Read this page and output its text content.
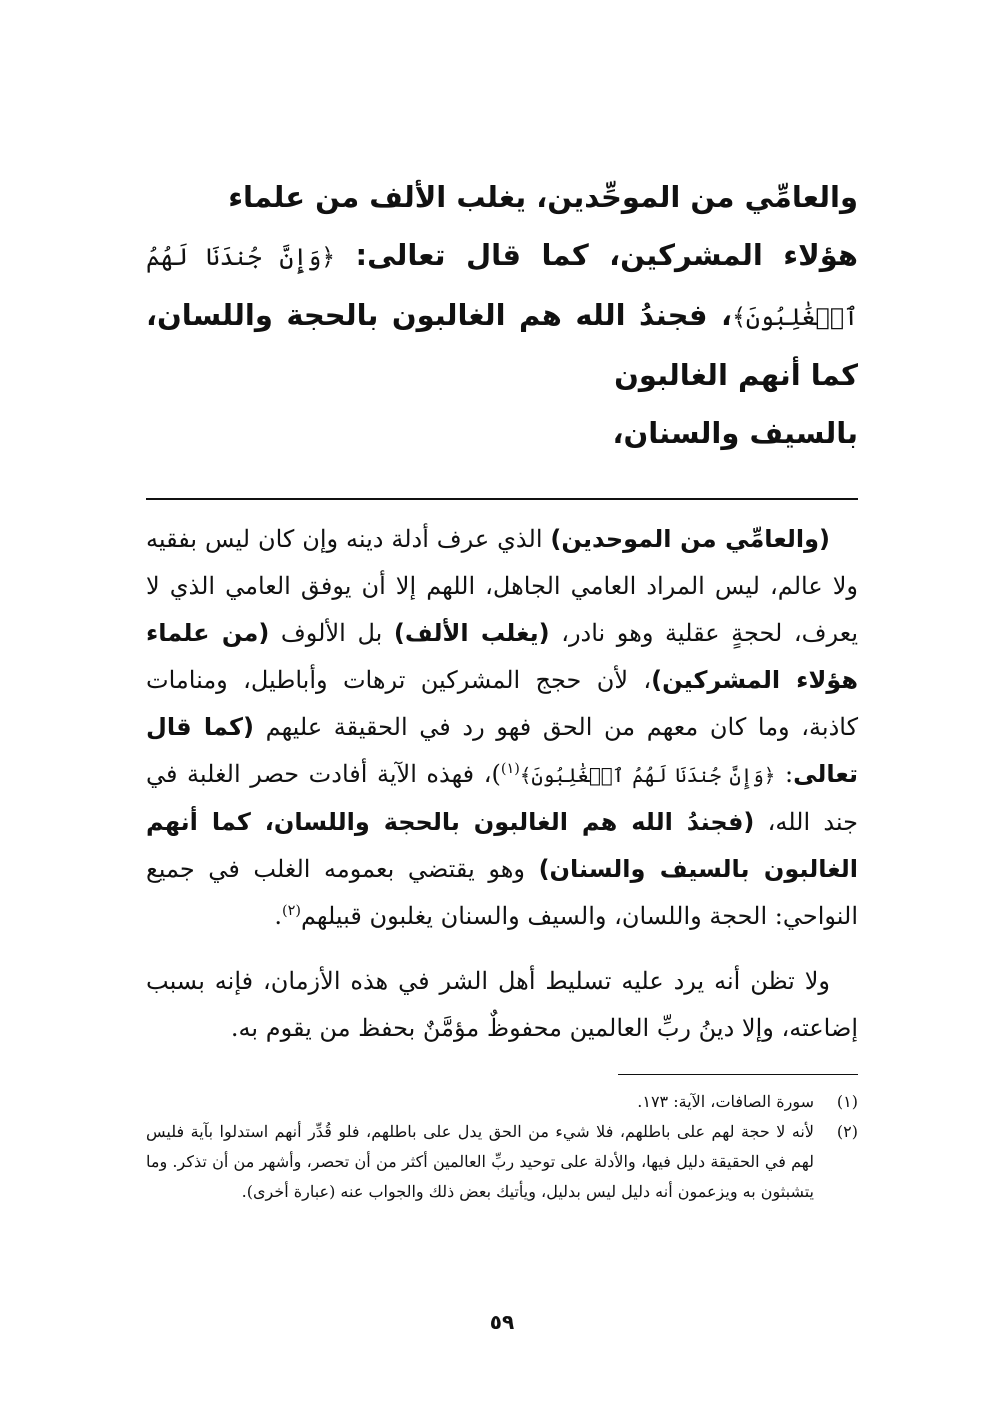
والعامِّي من الموحِّدين، يغلب الألف من علماء

هؤلاء المشركين، كما قال تعالى: ﴿وَإِنَّ جُندَنَا لَهُمُ ٱلۡغَٰلِبُونَ﴾، فجندُ الله هم الغالبون بالحجة واللسان، كما أنهم الغالبون

بالسيف والسنان،

(والعامِّي من الموحدين) الذي عرف أدلة دينه وإن كان ليس بفقيه ولا عالم، ليس المراد العامي الجاهل، اللهم إلا أن يوفق العامي الذي لا يعرف، لحجةٍ عقلية وهو نادر، (يغلب الألف) بل الألوف (من علماء هؤلاء المشركين)، لأن حجج المشركين ترهات وأباطيل، ومنامات كاذبة، وما كان معهم من الحق فهو رد في الحقيقة عليهم (كما قال تعالى: ﴿وَإِنَّ جُندَنَا لَهُمُ ٱلۡغَٰلِبُونَ﴾$^{(١)}$)، فهذه الآية أفادت حصر الغلبة في جند الله، (فجندُ الله هم الغالبون بالحجة واللسان، كما أنهم الغالبون بالسيف والسنان) وهو يقتضي بعمومه الغلب في جميع النواحي: الحجة واللسان، والسيف والسنان يغلبون قبيلهم$^{(٢)}$.

ولا تظن أنه يرد عليه تسليط أهل الشر في هذه الأزمان، فإنه بسبب إضاعته، وإلا دينُ ربِّ العالمين محفوظٌ مؤمَّنٌ بحفظ من يقوم به.

(١)
سورة الصافات، الآية: ١٧٣.
(٢)
لأنه لا حجة لهم على باطلهم، فلا شيء من الحق يدل على باطلهم، فلو قُدِّر أنهم استدلوا بآية فليس لهم في الحقيقة دليل فيها، والأدلة على توحيد ربِّ العالمين أكثر من أن تحصر، وأشهر من أن تذكر. وما يتشبثون به ويزعمون أنه دليل ليس بدليل، ويأتيك بعض ذلك والجواب عنه (عبارة أخرى).
٥٩
